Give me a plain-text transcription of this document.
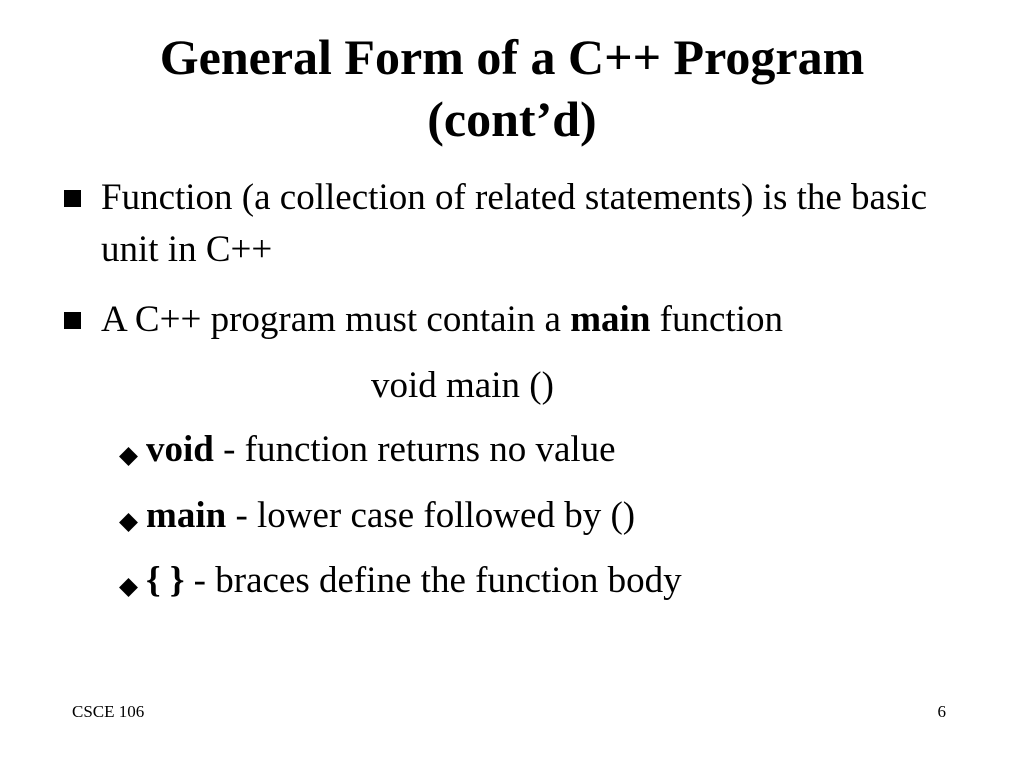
General Form of a C++ Program
(cont’d)
Function (a collection of related statements) is the basic unit in C++
A C++ program must contain a main function
void main ()
void - function returns no value
main - lower case followed by ()
{ } - braces define the function body
CSCE 106	6
